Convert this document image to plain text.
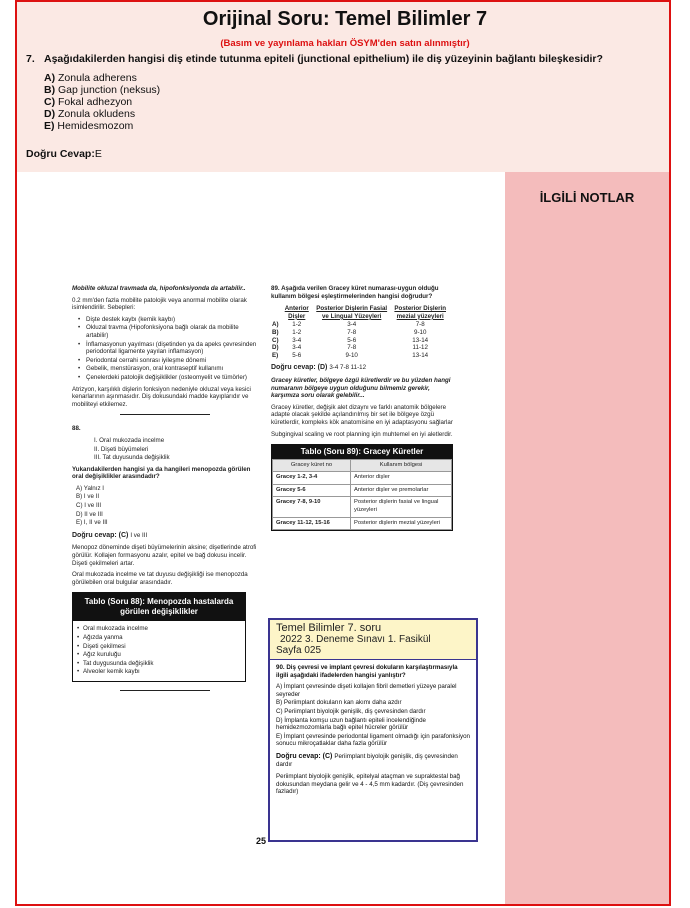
Orijinal Soru: Temel Bilimler 7
(Basım ve yayınlama hakları ÖSYM'den satın alınmıştır)
7. Aşağıdakilerden hangisi diş etinde tutunma epiteli (junctional epithelium) ile diş yüzeyinin bağlantı bileşkesidir?
A) Zonula adherens
B) Gap junction (neksus)
C) Fokal adhezyon
D) Zonula okludens
E) Hemidesmozom
Doğru Cevap:E
İLGİLİ NOTLAR

Mobilite okluzal travmada da, hipofonksiyonda da artabilir..

0.2 mm'den fazla mobilite patolojik veya anormal mobilite olarak isimlendirilir. Sebepleri:

• Dişte destek kaybı (kemik kaybı)
• Okluzal travma (Hipofonksiyona bağlı olarak da mobilite artabilir)
• İnflamasyonun yayılması (dişetinden ya da apeks çevresinden periodontal ligamente yayılan inflamasyon)
• Periodontal cerrahi sonrası iyileşme dönemi
• Gebelik, menstürasyon, oral kontraseptif kullanımı
• Çenelerdeki patolojik değişiklikler (osteomyelit ve tümörler)

Atrizyon, karşılıklı dişlerin fonksiyon nedeniyle okluzal veya kesici kenarlarının aşınmasıdır. Diş dokusundaki madde kayıplarıdır ve mobiliteyi etkilemez.

88.

I. Oral mukozada incelme
II. Dişeti büyümeleri
III. Tat duyusunda değişiklik

Yukarıdakilerden hangisi ya da hangileri menopozda görülen oral değişiklikler arasındadır?

A) Yalnız I
B) I ve II
C) I ve III
D) II ve III
E) I, II ve III
Doğru cevap: (C) I ve III

Menopoz döneminde dişeti büyümelerinin aksine; dişetlerinde atrofi görülür. Kollajen formasyonu azalır, epitel ve bağ dokusu incelir. Dişeti çekilmeleri artar.

Oral mukozada incelme ve tat duyusu değişikliği ise menopozda görülebilen oral bulgular arasındadır.

Tablo (Soru 88): Menopozda hastalarda görülen değişiklikler
• Oral mukozada incelme
• Ağızda yanma
• Dişeti çekilmesi
• Ağız kuruluğu
• Tat duygusunda değişiklik
• Alveoler kemik kaybı

89. Aşağıda verilen Gracey küret numarası-uygun olduğu kullanım bölgesi eşleştirmelerinden hangisi doğrudur?

	Anterior Dişler	Posterior Dişlerin Fasial ve Lingual Yüzeyleri	Posterior Dişlerin mezial yüzeyleri
A)	1-2	3-4	7-8
B)	1-2	7-8	9-10
C)	3-4	5-6	13-14
D)	3-4	7-8	11-12
E)	5-6	9-10	13-14
Doğru cevap: (D) 3-4 7-8 11-12

Gracey küretler, bölgeye özgü küretlerdir ve bu yüzden hangi numaranın bölgeye uygun olduğunu bilmemiz gerekir, karşımıza soru olarak gelebilir...

Gracey küretler, değişik alet dizaynı ve farklı anatomik bölgelere adapte olacak şekilde açılandırılmış bir set ile bölgeye özgü küretlerdir, kompleks kök anatomisine en iyi adaptasyonu sağlarlar

Subgingival scaling ve root planning için muhtemel en iyi aletlerdir.

Tablo (Soru 89): Gracey Küretler
Gracey küret no	Kullanım bölgesi
Gracey 1-2, 3-4	Anterior dişler
Gracey 5-6	Anterior dişler ve premolarlar
Gracey 7-8, 9-10	Posterior dişlerin fasial ve lingual yüzeyleri
Gracey 11-12, 15-16	Posterior dişlerin mezial yüzeyleri
Temel Bilimler 7. soru
2022 3. Deneme Sınavı 1. Fasikül
Sayfa 025

90. Diş çevresi ve implant çevresi dokuların karşılaştırmasıyla ilgili aşağıdaki ifadelerden hangisi yanlıştır?

A) İmplant çevresinde dişeti kollajen fibril demetleri yüzeye paralel seyreder
B) Periimplant dokuların kan akımı daha azdır
C) Periimplant biyolojik genişlik, diş çevresinden dardır
D) İmplanta komşu uzun bağlantı epiteli incelendiğinde hemidezmozomlarla bağlı epitel hücreler görülür
E) İmplant çevresinde periodontal ligament olmadığı için parafonksiyon sonucu mikroçatlaklar daha fazla görülür
Doğru cevap: (C) Periimplant biyolojik genişlik, diş çevresinden dardır

Periimplant biyolojik genişlik, epitelyal ataçman ve supraktestal bağ dokusundan meydana gelir ve 4 - 4,5 mm kadardır. (Diş çevresinden fazladır)

25
